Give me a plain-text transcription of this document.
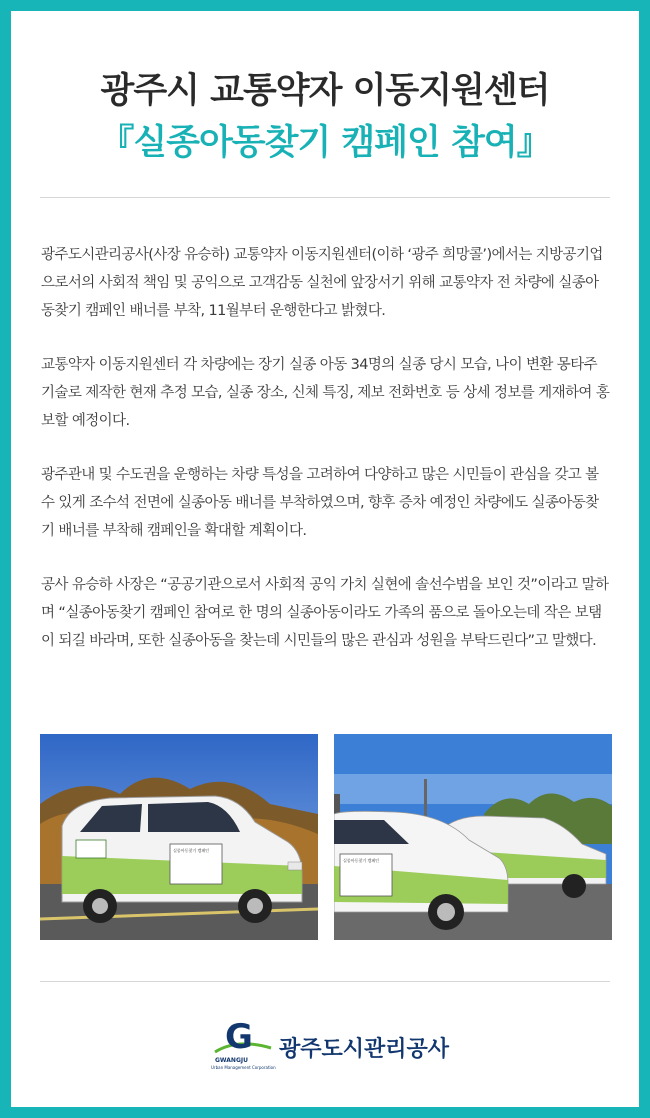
광주시 교통약자 이동지원센터
『실종아동찾기 캠페인 참여』

광주도시관리공사(사장 유승하) 교통약자 이동지원센터(이하 ‘광주 희망콜’)에서는 지방공기업으로서의 사회적 책임 및 공익으로 고객감동 실천에 앞장서기 위해 교통약자 전 차량에 실종아동찾기 캠페인 배너를 부착, 11월부터 운행한다고 밝혔다.

교통약자 이동지원센터 각 차량에는 장기 실종 아동 34명의 실종 당시 모습, 나이 변환 몽타주 기술로 제작한 현재 추정 모습, 실종 장소, 신체 특징, 제보 전화번호 등 상세 정보를 게재하여 홍보할 예정이다.

광주관내 및 수도권을 운행하는 차량 특성을 고려하여 다양하고 많은 시민들이 관심을 갖고 볼 수 있게 조수석 전면에 실종아동 배너를 부착하였으며, 향후 증차 예정인 차량에도 실종아동찾기 배너를 부착해 캠페인을 확대할 계획이다.

공사 유승하 사장은 “공공기관으로서 사회적 공익 가치 실현에 솔선수범을 보인 것”이라고 말하며 “실종아동찾기 캠페인 참여로 한 명의 실종아동이라도 가족의 품으로 돌아오는데 작은 보탬이 되길 바라며, 또한 실종아동을 찾는데 시민들의 많은 관심과 성원을 부탁드린다”고 말했다.

실종아동찾기 캠페인
실종아동찾기 캠페인
G
GWANGJU
Urban Management Corporation
광주도시관리공사
